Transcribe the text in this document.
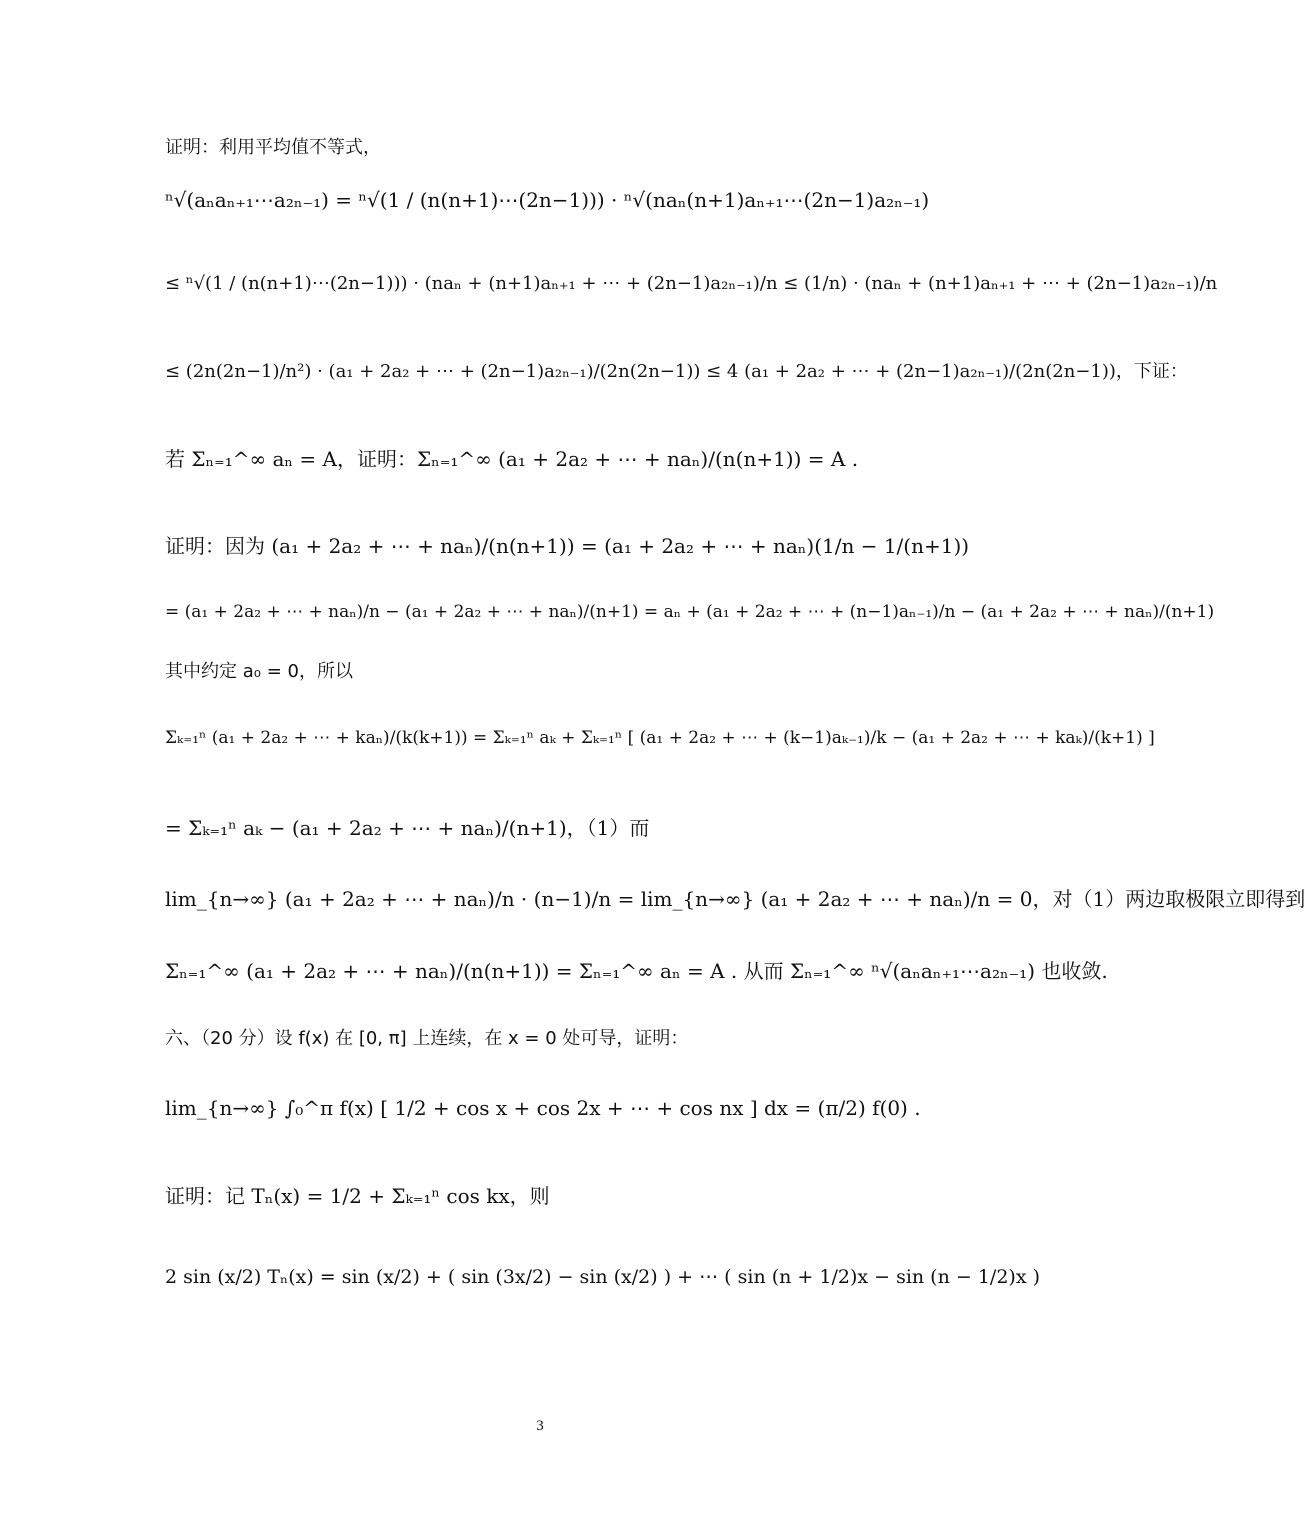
证明：利用平均值不等式，
ⁿ√(aₙaₙ₊₁⋯a₂ₙ₋₁) = ⁿ√(1 / (n(n+1)⋯(2n−1))) · ⁿ√(naₙ(n+1)aₙ₊₁⋯(2n−1)a₂ₙ₋₁)
≤ ⁿ√(1 / (n(n+1)⋯(2n−1))) · (naₙ + (n+1)aₙ₊₁ + ⋯ + (2n−1)a₂ₙ₋₁)/n ≤ (1/n) · (naₙ + (n+1)aₙ₊₁ + ⋯ + (2n−1)a₂ₙ₋₁)/n
≤ (2n(2n−1)/n²) · (a₁ + 2a₂ + ⋯ + (2n−1)a₂ₙ₋₁)/(2n(2n−1)) ≤ 4 (a₁ + 2a₂ + ⋯ + (2n−1)a₂ₙ₋₁)/(2n(2n−1))，下证：
若 Σₙ₌₁^∞ aₙ = A，证明：Σₙ₌₁^∞ (a₁ + 2a₂ + ⋯ + naₙ)/(n(n+1)) = A .
证明：因为 (a₁ + 2a₂ + ⋯ + naₙ)/(n(n+1)) = (a₁ + 2a₂ + ⋯ + naₙ)(1/n − 1/(n+1))
= (a₁ + 2a₂ + ⋯ + naₙ)/n − (a₁ + 2a₂ + ⋯ + naₙ)/(n+1) = aₙ + (a₁ + 2a₂ + ⋯ + (n−1)aₙ₋₁)/n − (a₁ + 2a₂ + ⋯ + naₙ)/(n+1)
其中约定 a₀ = 0，所以
Σₖ₌₁ⁿ (a₁ + 2a₂ + ⋯ + kaₙ)/(k(k+1)) = Σₖ₌₁ⁿ aₖ + Σₖ₌₁ⁿ [ (a₁ + 2a₂ + ⋯ + (k−1)aₖ₋₁)/k − (a₁ + 2a₂ + ⋯ + kaₖ)/(k+1) ]
= Σₖ₌₁ⁿ aₖ − (a₁ + 2a₂ + ⋯ + naₙ)/(n+1)，（1）而
lim_{n→∞} (a₁ + 2a₂ + ⋯ + naₙ)/n · (n−1)/n = lim_{n→∞} (a₁ + 2a₂ + ⋯ + naₙ)/n = 0，对（1）两边取极限立即得到
Σₙ₌₁^∞ (a₁ + 2a₂ + ⋯ + naₙ)/(n(n+1)) = Σₙ₌₁^∞ aₙ = A . 从而 Σₙ₌₁^∞ ⁿ√(aₙaₙ₊₁⋯a₂ₙ₋₁) 也收敛.
六、（20 分）设 f(x) 在 [0, π] 上连续，在 x = 0 处可导，证明：
lim_{n→∞} ∫₀^π f(x) [ 1/2 + cos x + cos 2x + ⋯ + cos nx ] dx = (π/2) f(0) .
证明：记 Tₙ(x) = 1/2 + Σₖ₌₁ⁿ cos kx，则
2 sin (x/2) Tₙ(x) = sin (x/2) + ( sin (3x/2) − sin (x/2) ) + ⋯ ( sin (n + 1/2)x − sin (n − 1/2)x )
3
